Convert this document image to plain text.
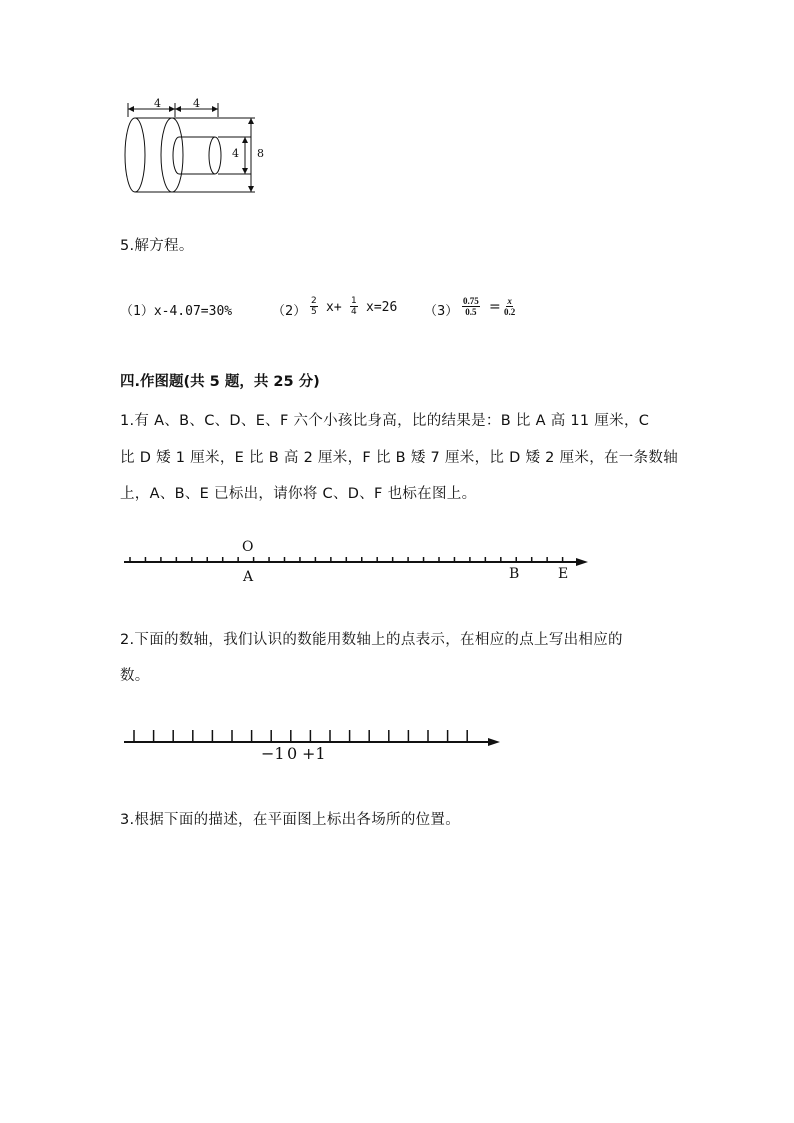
4	4
4 8
5.解方程。
（1）x-4.07=30%	$(2) \frac{2}{5} x+ \frac{1}{4} x=26$ $(3) \frac{0.75}{0.5} = \frac{x}{0.2}$
四.作图题(共 5 题，共 25 分)
1.有 A、B、C、D、E、F 六个小孩比身高，比的结果是：B 比 A 高 11 厘米，C
比 D 矮 1 厘米，E 比 B 高 2 厘米，F 比 B 矮 7 厘米，比 D 矮 2 厘米，在一条数轴
上，A、B、E 已标出，请你将 C、D、F 也标在图上。
O
A	B	E
2.下面的数轴，我们认识的数能用数轴上的点表示，在相应的点上写出相应的
数。
−1 0 +1
3.根据下面的描述，在平面图上标出各场所的位置。
